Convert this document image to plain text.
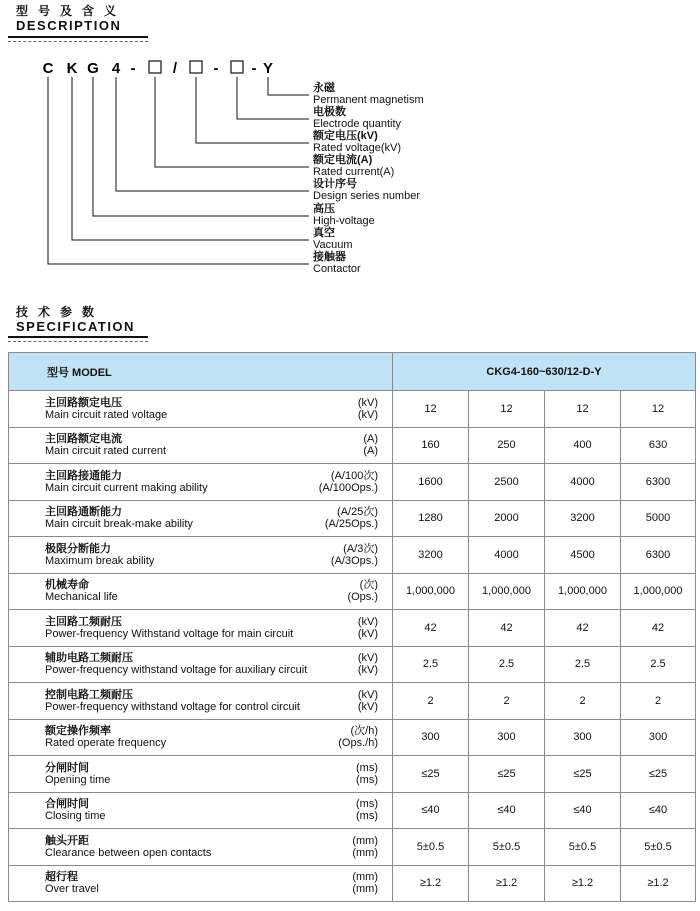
型号及含义
DESCRIPTION
C K G 4 - / - - Y
永磁
Permanent magnetism
电极数
Electrode quantity
额定电压(kV)
Rated voltage(kV)
额定电流(A)
Rated current(A)
设计序号
Design series number
高压
High-voltage
真空
Vacuum
接触器
Contactor
技术参数
SPECIFICATION
型号 MODEL	CKG4-160~630/12-D-Y			

主回路额定电压
Main circuit rated voltage
(kV)
(kV)	12	12	12	12

主回路额定电流
Main circuit rated current
(A)
(A)	160	250	400	630

主回路接通能力
Main circuit current making ability
(A/100次)
(A/100Ops.)	1600	2500	4000	6300

主回路通断能力
Main circuit break-make ability
(A/25次)
(A/25Ops.)	1280	2000	3200	5000

极限分断能力
Maximum break ability
(A/3次)
(A/3Ops.)	3200	4000	4500	6300

机械寿命
Mechanical life
(次)
(Ops.)	1,000,000	1,000,000	1,000,000	1,000,000

主回路工频耐压
Power-frequency Withstand voltage for main circuit
(kV)
(kV)	42	42	42	42

辅助电路工频耐压
Power-frequency withstand voltage for auxiliary circuit
(kV)
(kV)	2.5	2.5	2.5	2.5

控制电路工频耐压
Power-frequency withstand voltage for control circuit
(kV)
(kV)	2	2	2	2

额定操作频率
Rated operate frequency
(次/h)
(Ops./h)	300	300	300	300

分闸时间
Opening time
(ms)
(ms)	≤25	≤25	≤25	≤25

合闸时间
Closing time
(ms)
(ms)	≤40	≤40	≤40	≤40

触头开距
Clearance between open contacts
(mm)
(mm)	5±0.5	5±0.5	5±0.5	5±0.5

超行程
Over travel
(mm)
(mm)	≥1.2	≥1.2	≥1.2	≥1.2
